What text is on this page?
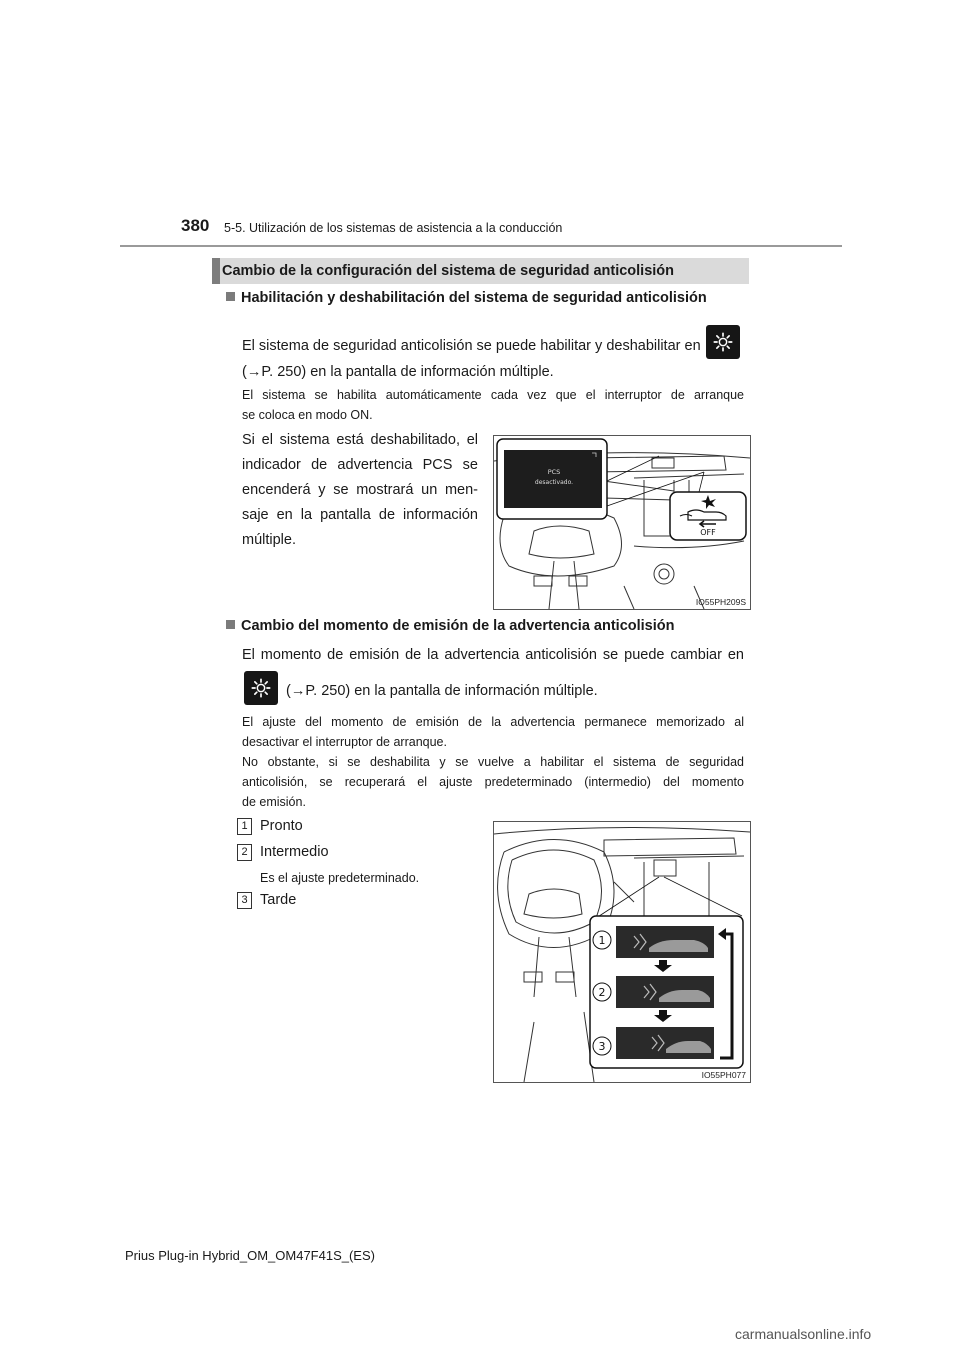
380 5-5. Utilización de los sistemas de asistencia a la conducción
Cambio de la configuración del sistema de seguridad anticolisión
Habilitación y deshabilitación del sistema de seguridad anticolisión
El sistema de seguridad anticolisión se puede habilitar y deshabilitar en
(→P. 250) en la pantalla de información múltiple.
El sistema se habilita automáticamente cada vez que el interruptor de arranque
se coloca en modo ON.
Si el sistema está deshabilitado, el
indicador de advertencia PCS se
encenderá y se mostrará un men-
saje en la pantalla de información
múltiple.
PCS
desactivado.
OFF
IO55PH209S
Cambio del momento de emisión de la advertencia anticolisión
El momento de emisión de la advertencia anticolisión se puede cambiar en
(→P. 250) en la pantalla de información múltiple.
El ajuste del momento de emisión de la advertencia permanece memorizado al
desactivar el interruptor de arranque.
No obstante, si se deshabilita y se vuelve a habilitar el sistema de seguridad
anticolisión, se recuperará el ajuste predeterminado (intermedio) del momento
de emisión.
1 Pronto
2 Intermedio
Es el ajuste predeterminado.
3 Tarde
1
2
3
IO55PH077
Prius Plug-in Hybrid_OM_OM47F41S_(ES)
carmanualsonline.info
